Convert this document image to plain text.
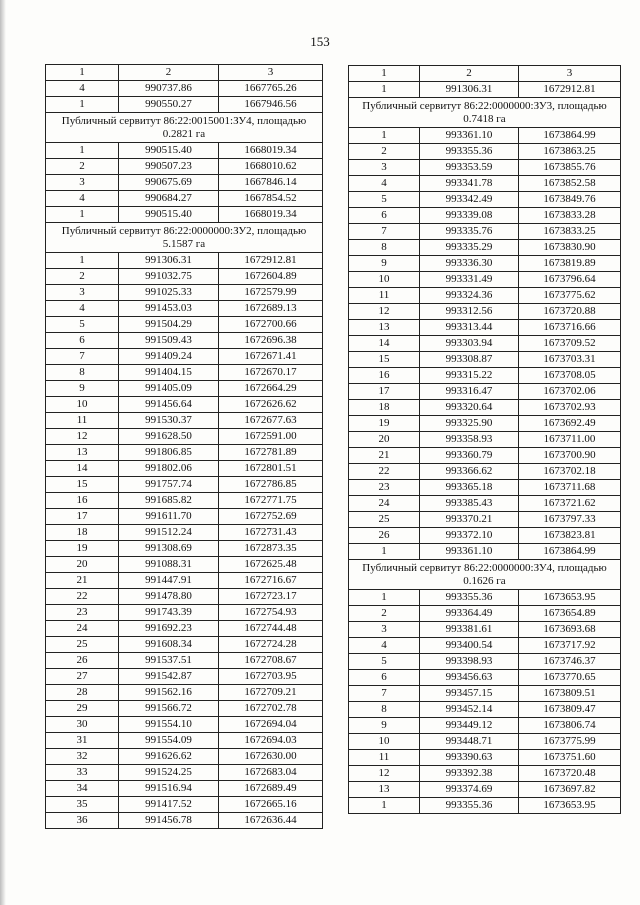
153
1	2	3
4	990737.86	1667765.26
1	990550.27	1667946.56
Публичный сервитут 86:22:0015001:ЗУ4, площадью 0.2821 га		
1	990515.40	1668019.34
2	990507.23	1668010.62
3	990675.69	1667846.14
4	990684.27	1667854.52
1	990515.40	1668019.34
Публичный сервитут 86:22:0000000:ЗУ2, площадью 5.1587 га		
1	991306.31	1672912.81
2	991032.75	1672604.89
3	991025.33	1672579.99
4	991453.03	1672689.13
5	991504.29	1672700.66
6	991509.43	1672696.38
7	991409.24	1672671.41
8	991404.15	1672670.17
9	991405.09	1672664.29
10	991456.64	1672626.62
11	991530.37	1672677.63
12	991628.50	1672591.00
13	991806.85	1672781.89
14	991802.06	1672801.51
15	991757.74	1672786.85
16	991685.82	1672771.75
17	991611.70	1672752.69
18	991512.24	1672731.43
19	991308.69	1672873.35
20	991088.31	1672625.48
21	991447.91	1672716.67
22	991478.80	1672723.17
23	991743.39	1672754.93
24	991692.23	1672744.48
25	991608.34	1672724.28
26	991537.51	1672708.67
27	991542.87	1672703.95
28	991562.16	1672709.21
29	991566.72	1672702.78
30	991554.10	1672694.04
31	991554.09	1672694.03
32	991626.62	1672630.00
33	991524.25	1672683.04
34	991516.94	1672689.49
35	991417.52	1672665.16
36	991456.78	1672636.44
1	2	3
1	991306.31	1672912.81
Публичный сервитут 86:22:0000000:ЗУ3, площадью 0.7418 га		
1	993361.10	1673864.99
2	993355.36	1673863.25
3	993353.59	1673855.76
4	993341.78	1673852.58
5	993342.49	1673849.76
6	993339.08	1673833.28
7	993335.76	1673833.25
8	993335.29	1673830.90
9	993336.30	1673819.89
10	993331.49	1673796.64
11	993324.36	1673775.62
12	993312.56	1673720.88
13	993313.44	1673716.66
14	993303.94	1673709.52
15	993308.87	1673703.31
16	993315.22	1673708.05
17	993316.47	1673702.06
18	993320.64	1673702.93
19	993325.90	1673692.49
20	993358.93	1673711.00
21	993360.79	1673700.90
22	993366.62	1673702.18
23	993365.18	1673711.68
24	993385.43	1673721.62
25	993370.21	1673797.33
26	993372.10	1673823.81
1	993361.10	1673864.99
Публичный сервитут 86:22:0000000:ЗУ4, площадью 0.1626 га		
1	993355.36	1673653.95
2	993364.49	1673654.89
3	993381.61	1673693.68
4	993400.54	1673717.92
5	993398.93	1673746.37
6	993456.63	1673770.65
7	993457.15	1673809.51
8	993452.14	1673809.47
9	993449.12	1673806.74
10	993448.71	1673775.99
11	993390.63	1673751.60
12	993392.38	1673720.48
13	993374.69	1673697.82
1	993355.36	1673653.95
